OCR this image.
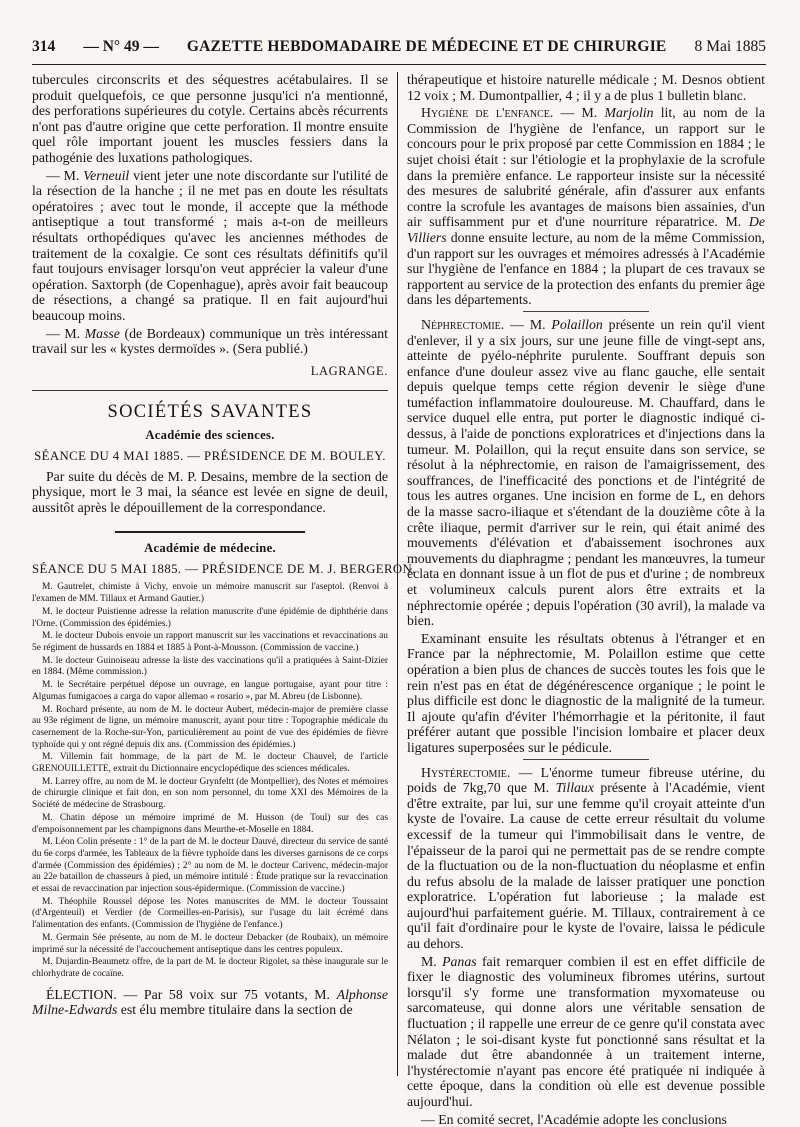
314 — N° 49 — GAZETTE HEBDOMADAIRE DE MÉDECINE ET DE CHIRURGIE 8 Mai 1885

tubercules circonscrits et des séquestres acétabulaires. Il se produit quelquefois, ce que personne jusqu'ici n'a mentionné, des perforations supérieures du cotyle. Certains abcès récurrents n'ont pas d'autre origine que cette perforation. Il montre ensuite quel rôle important jouent les muscles fessiers dans la pathogénie des luxations pathologiques.

— M. Verneuil vient jeter une note discordante sur l'utilité de la résection de la hanche ; il ne met pas en doute les résultats opératoires ; avec tout le monde, il accepte que la méthode antiseptique a tout transformé ; mais a-t-on de meilleurs résultats orthopédiques qu'avec les anciennes méthodes de traitement de la coxalgie. Ce sont ces résultats définitifs qu'il faut toujours envisager lorsqu'on veut apprécier la valeur d'une opération. Saxtorph (de Copenhague), après avoir fait beaucoup de résections, a changé sa pratique. Il en fait aujourd'hui beaucoup moins.

— M. Masse (de Bordeaux) communique un très intéressant travail sur les « kystes dermoïdes ». (Sera publié.)

LAGRANGE.

SOCIÉTÉS SAVANTES
Académie des sciences.
SÉANCE DU 4 MAI 1885. — PRÉSIDENCE DE M. BOULEY.

Par suite du décès de M. P. Desains, membre de la section de physique, mort le 3 mai, la séance est levée en signe de deuil, aussitôt après le dépouillement de la correspondance.

Académie de médecine.
SÉANCE DU 5 MAI 1885. — PRÉSIDENCE DE M. J. BERGERON.

M. Gautrelet, chimiste à Vichy, envoie un mémoire manuscrit sur l'aseptol. (Renvoi à l'examen de MM. Tillaux et Armand Gautier.)

M. le docteur Puistienne adresse la relation manuscrite d'une épidémie de diphthérie dans l'Orne. (Commission des épidémies.)

M. le docteur Dubois envoie un rapport manuscrit sur les vaccinations et revaccinations au 5e régiment de hussards en 1884 et 1885 à Pont-à-Mousson. (Commission de vaccine.)

M. le docteur Guinoiseau adresse la liste des vaccinations qu'il a pratiquées à Saint-Dizier en 1884. (Même commission.)

M. le Secrétaire perpétuel dépose un ouvrage, en langue portugaise, ayant pour titre : Algumas fumigacoes a carga do vapor allemao « rosario », par M. Abreu (de Lisbonne).

M. Rochard présente, au nom de M. le docteur Aubert, médecin-major de première classe au 93e régiment de ligne, un mémoire manuscrit, ayant pour titre : Topographie médicale du casernement de la Roche-sur-Yon, particulièrement au point de vue des épidémies de fièvre typhoïde qui y ont régné depuis dix ans. (Commission des épidémies.)

M. Villemin fait hommage, de la part de M. le docteur Chauvel, de l'article GRENOUILLETTE, extrait du Dictionnaire encyclopédique des sciences médicales.

M. Larrey offre, au nom de M. le docteur Grynfeltt (de Montpellier), des Notes et mémoires de chirurgie clinique et fait don, en son nom personnel, du tome XXI des Mémoires de la Société de médecine de Strasbourg.

M. Chatin dépose un mémoire imprimé de M. Husson (de Toul) sur des cas d'empoisonnement par les champignons dans Meurthe-et-Moselle en 1884.

M. Léon Colin présente : 1° de la part de M. le docteur Dauvé, directeur du service de santé du 6e corps d'armée, les Tableaux de la fièvre typhoïde dans les diverses garnisons de ce corps d'armée (Commission des épidémies) ; 2° au nom de M. le docteur Carivenc, médecin-major au 22e bataillon de chasseurs à pied, un mémoire intitulé : Étude pratique sur la revaccination et essai de revaccination par injection sous-épidermique. (Commission de vaccine.)

M. Théophile Roussel dépose les Notes manuscrites de MM. le docteur Toussaint (d'Argenteuil) et Verdier (de Cormeilles-en-Parisis), sur l'usage du lait écrémé dans l'alimentation des enfants. (Commission de l'hygiène de l'enfance.)

M. Germain Sée présente, au nom de M. le docteur Debacker (de Roubaix), un mémoire imprimé sur la nécessité de l'accouchement antiseptique dans les centres populeux.

M. Dujardin-Beaumetz offre, de la part de M. le docteur Rigolet, sa thèse inaugurale sur le chlorhydrate de cocaïne.

ÉLECTION. — Par 58 voix sur 75 votants, M. Alphonse Milne-Edwards est élu membre titulaire dans la section de

thérapeutique et histoire naturelle médicale ; M. Desnos obtient 12 voix ; M. Dumontpallier, 4 ; il y a de plus 1 bulletin blanc.

Hygiène de l'enfance. — M. Marjolin lit, au nom de la Commission de l'hygiène de l'enfance, un rapport sur le concours pour le prix proposé par cette Commission en 1884 ; le sujet choisi était : sur l'étiologie et la prophylaxie de la scrofule dans la première enfance. Le rapporteur insiste sur la nécessité des mesures de salubrité générale, afin d'assurer aux enfants contre la scrofule les avantages de maisons bien assainies, d'un air suffisamment pur et d'une nourriture réparatrice. M. De Villiers donne ensuite lecture, au nom de la même Commission, d'un rapport sur les ouvrages et mémoires adressés à l'Académie sur l'hygiène de l'enfance en 1884 ; la plupart de ces travaux se rapportent au service de la protection des enfants du premier âge dans les départements.

Néphrectomie. — M. Polaillon présente un rein qu'il vient d'enlever, il y a six jours, sur une jeune fille de vingt-sept ans, atteinte de pyélo-néphrite purulente. Souffrant depuis son enfance d'une douleur assez vive au flanc gauche, elle sentait depuis quelque temps cette région devenir le siège d'une tuméfaction inflammatoire douloureuse. M. Chauffard, dans le service duquel elle entra, put porter le diagnostic indiqué ci-dessus, à l'aide de ponctions exploratrices et d'injections dans la tumeur. M. Polaillon, qui la reçut ensuite dans son service, se résolut à la néphrectomie, en raison de l'amaigrissement, des souffrances, de l'inefficacité des ponctions et de l'intégrité de tous les autres organes. Une incision en forme de L, en dehors de la masse sacro-iliaque et s'étendant de la douzième côte à la crête iliaque, permit d'arriver sur le rein, qui était animé des mouvements d'élévation et d'abaissement isochrones aux mouvements du diaphragme ; pendant les manœuvres, la tumeur éclata en donnant issue à un flot de pus et d'urine ; de nombreux et volumineux calculs purent alors être extraits et la néphrectomie opérée ; depuis l'opération (30 avril), la malade va bien.

Examinant ensuite les résultats obtenus à l'étranger et en France par la néphrectomie, M. Polaillon estime que cette opération a bien plus de chances de succès toutes les fois que le rein n'est pas en état de dégénérescence organique ; le point le plus difficile est donc le diagnostic de la malignité de la tumeur. Il ajoute qu'afin d'éviter l'hémorrhagie et la péritonite, il faut préférer autant que possible l'incision lombaire et placer deux ligatures superposées sur le pédicule.

Hystérectomie. — L'énorme tumeur fibreuse utérine, du poids de 7kg,70 que M. Tillaux présente à l'Académie, vient d'être extraite, par lui, sur une femme qu'il croyait atteinte d'un kyste de l'ovaire. La cause de cette erreur résultait du volume excessif de la tumeur qui l'immobilisait dans le ventre, de l'épaisseur de la paroi qui ne permettait pas de se rendre compte de la fluctuation ou de la non-fluctuation du néoplasme et enfin du refus absolu de la malade de laisser pratiquer une ponction exploratrice. L'opération fut laborieuse ; la malade est aujourd'hui parfaitement guérie. M. Tillaux, contrairement à ce qu'il fait d'ordinaire pour le kyste de l'ovaire, laissa le pédicule au dehors.

M. Panas fait remarquer combien il est en effet difficile de fixer le diagnostic des volumineux fibromes utérins, surtout lorsqu'il s'y forme une transformation myxomateuse ou sarcomateuse, qui donne alors une véritable sensation de fluctuation ; il rappelle une erreur de ce genre qu'il constata avec Nélaton ; le soi-disant kyste fut ponctionné sans résultat et la malade dut être abandonnée à un traitement interne, l'hystérectomie n'ayant pas encore été pratiquée ni indiquée à cette époque, dans la condition où elle est devenue possible aujourd'hui.

— En comité secret, l'Académie adopte les conclusions
